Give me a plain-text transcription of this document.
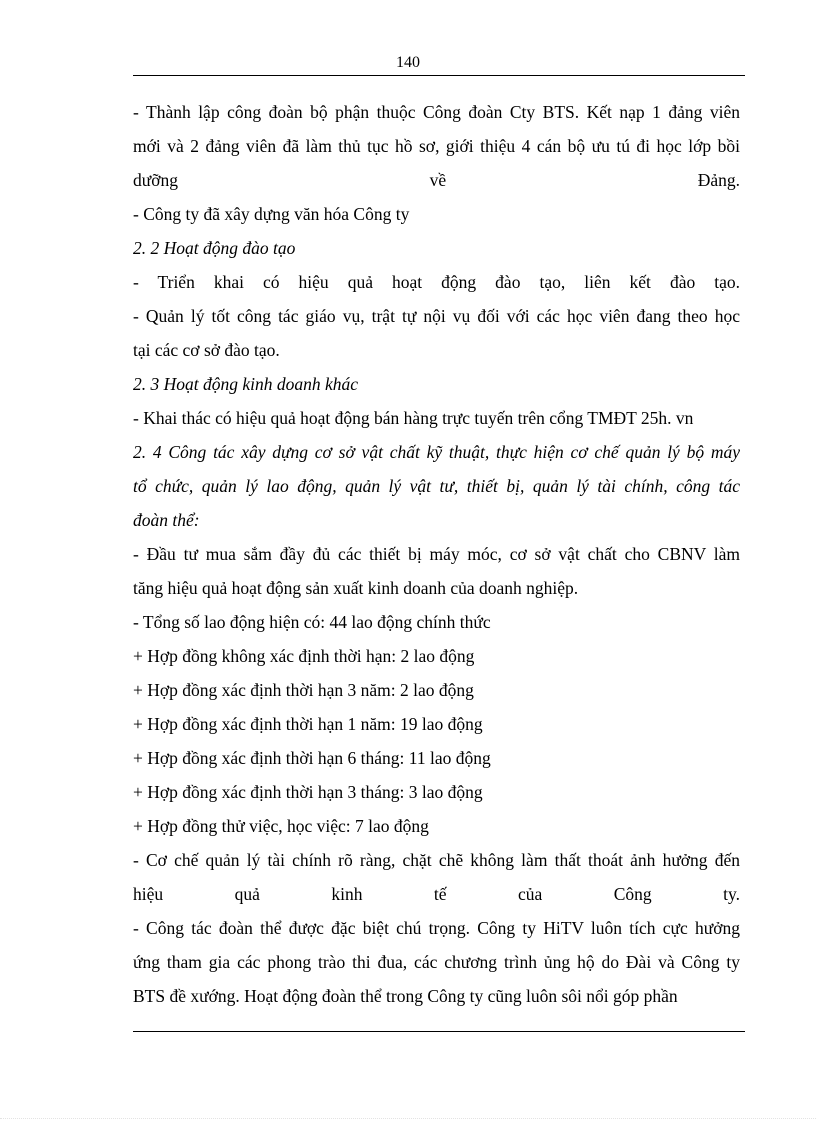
140
- Thành lập công đoàn bộ phận thuộc Công đoàn Cty BTS. Kết nạp 1 đảng viên
mới và 2 đảng viên đã làm thủ tục hồ sơ, giới thiệu 4 cán bộ ưu tú đi học lớp bồi
dưỡng về Đảng.
- Công ty đã xây dựng văn hóa Công ty
2. 2 Hoạt động đào tạo
- Triển khai có hiệu quả hoạt động đào tạo, liên kết đào tạo.
- Quản lý tốt công tác giáo vụ, trật tự nội vụ đối với các học viên đang theo học
tại các cơ sở đào tạo.
2. 3 Hoạt động kinh doanh khác
- Khai thác có hiệu quả hoạt động bán hàng trực tuyến trên cổng TMĐT 25h. vn
2. 4 Công tác xây dựng cơ sở vật chất kỹ thuật, thực hiện cơ chế quản lý bộ máy
tổ chức, quản lý lao động, quản lý vật tư, thiết bị, quản lý tài chính, công tác
đoàn thể:
- Đầu tư mua sắm đầy đủ các thiết bị máy móc, cơ sở vật chất cho CBNV làm
tăng hiệu quả hoạt động sản xuất kinh doanh của doanh nghiệp.
- Tổng số lao động hiện có: 44 lao động chính thức
+ Hợp đồng không xác định thời hạn: 2 lao động
+ Hợp đồng xác định thời hạn 3 năm: 2 lao động
+ Hợp đồng xác định thời hạn 1 năm: 19 lao động
+ Hợp đồng xác định thời hạn 6 tháng: 11 lao động
+ Hợp đồng xác định thời hạn 3 tháng: 3 lao động
+ Hợp đồng thử việc, học việc: 7 lao động
- Cơ chế quản lý tài chính rõ ràng, chặt chẽ không làm thất thoát ảnh hưởng đến
hiệu quả kinh tế của Công ty.
- Công tác đoàn thể được đặc biệt chú trọng. Công ty HiTV luôn tích cực hưởng
ứng tham gia các phong trào thi đua, các chương trình ủng hộ do Đài và Công ty
BTS đề xướng. Hoạt động đoàn thể trong Công ty cũng luôn sôi nổi góp phần
